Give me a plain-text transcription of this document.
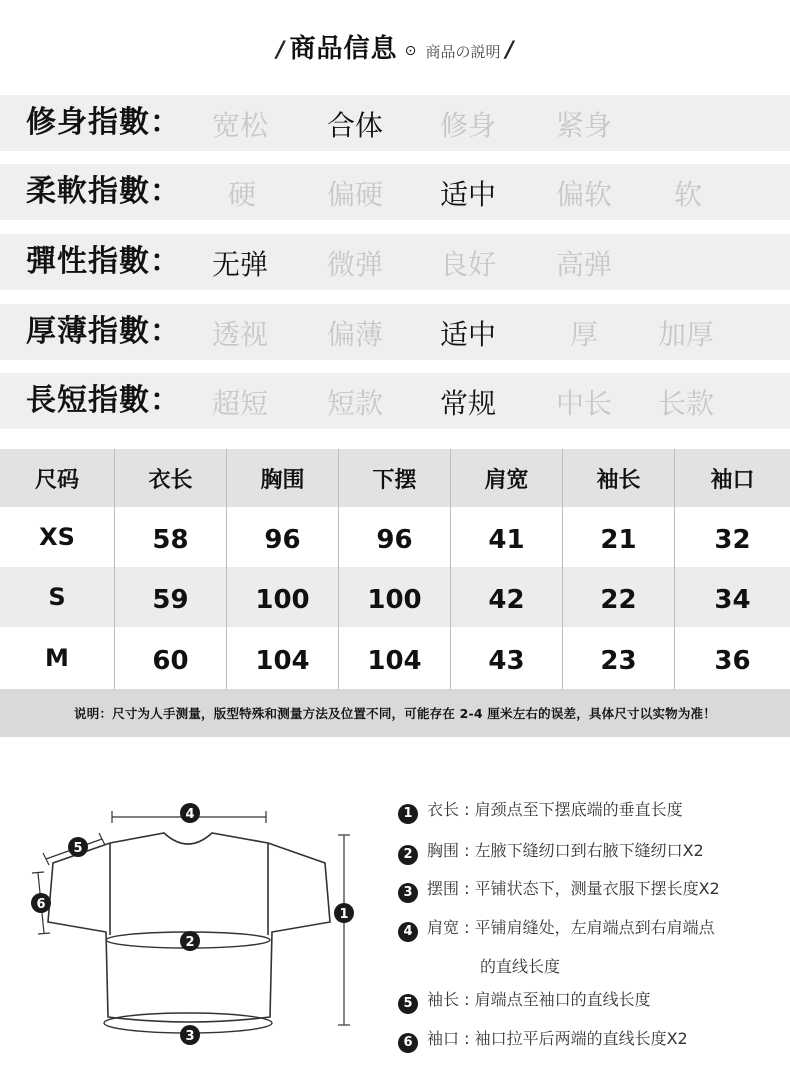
/ 商品信息 ⊙ 商品の説明 /
修身指數： 宽松 合体 修身 紧身
柔軟指數： 硬	偏硬 适中 偏软 软
彈性指數： 无弹 微弹 良好 高弹
厚薄指數： 透视 偏薄 适中	厚 加厚
長短指數： 超短 短款 常规 中长 长款
尺码	衣长	胸围	下摆	肩宽	袖长	袖口
XS	58	96	96	41	21	32
S	59	100	100	42	22	34
M	60	104	104	43	23	36
说明：尺寸为人手测量，版型特殊和测量方法及位置不同，可能存在 2-4 厘米左右的误差，具体尺寸以实物为准！
4
5
6
1
2
3
1 衣长 : 肩颈点至下摆底端的垂直长度
2 胸围 : 左腋下缝纫口到右腋下缝纫口X2
3 摆围 : 平铺状态下，测量衣服下摆长度X2
4 肩宽 : 平铺肩缝处，左肩端点到右肩端点
的直线长度
5 袖长 : 肩端点至袖口的直线长度
6 袖口 : 袖口拉平后两端的直线长度X2
